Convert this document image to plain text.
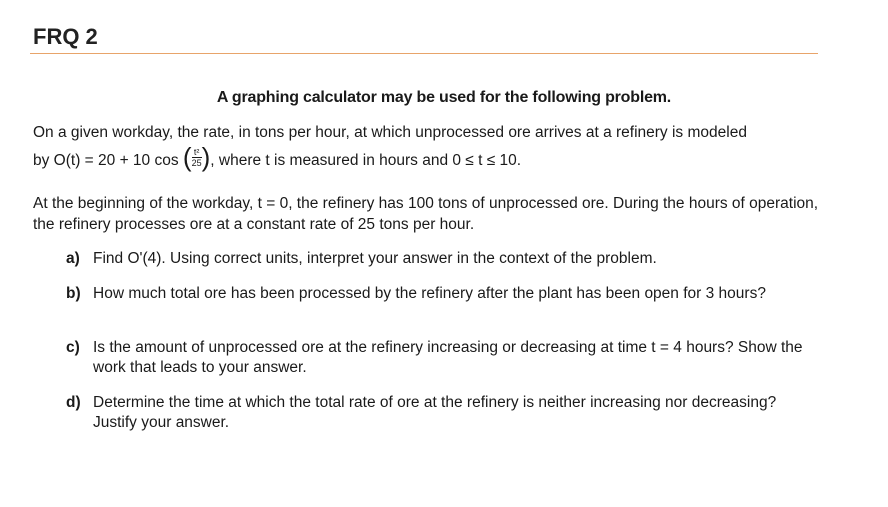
FRQ 2
A graphing calculator may be used for the following problem.
On a given workday, the rate, in tons per hour, at which unprocessed ore arrives at a refinery is modeled
by O(t) = 20 + 10 cos ( $\frac{\text{t²}}{25}$ ), where t is measured in hours and 0 ≤ t ≤ 10.
At the beginning of the workday, t = 0, the refinery has 100 tons of unprocessed ore. During the hours of operation, the refinery processes ore at a constant rate of 25 tons per hour.
a) Find O'(4). Using correct units, interpret your answer in the context of the problem.
b) How much total ore has been processed by the refinery after the plant has been open for 3 hours?
c) Is the amount of unprocessed ore at the refinery increasing or decreasing at time t = 4 hours? Show the work that leads to your answer.
d) Determine the time at which the total rate of ore at the refinery is neither increasing nor decreasing? Justify your answer.
